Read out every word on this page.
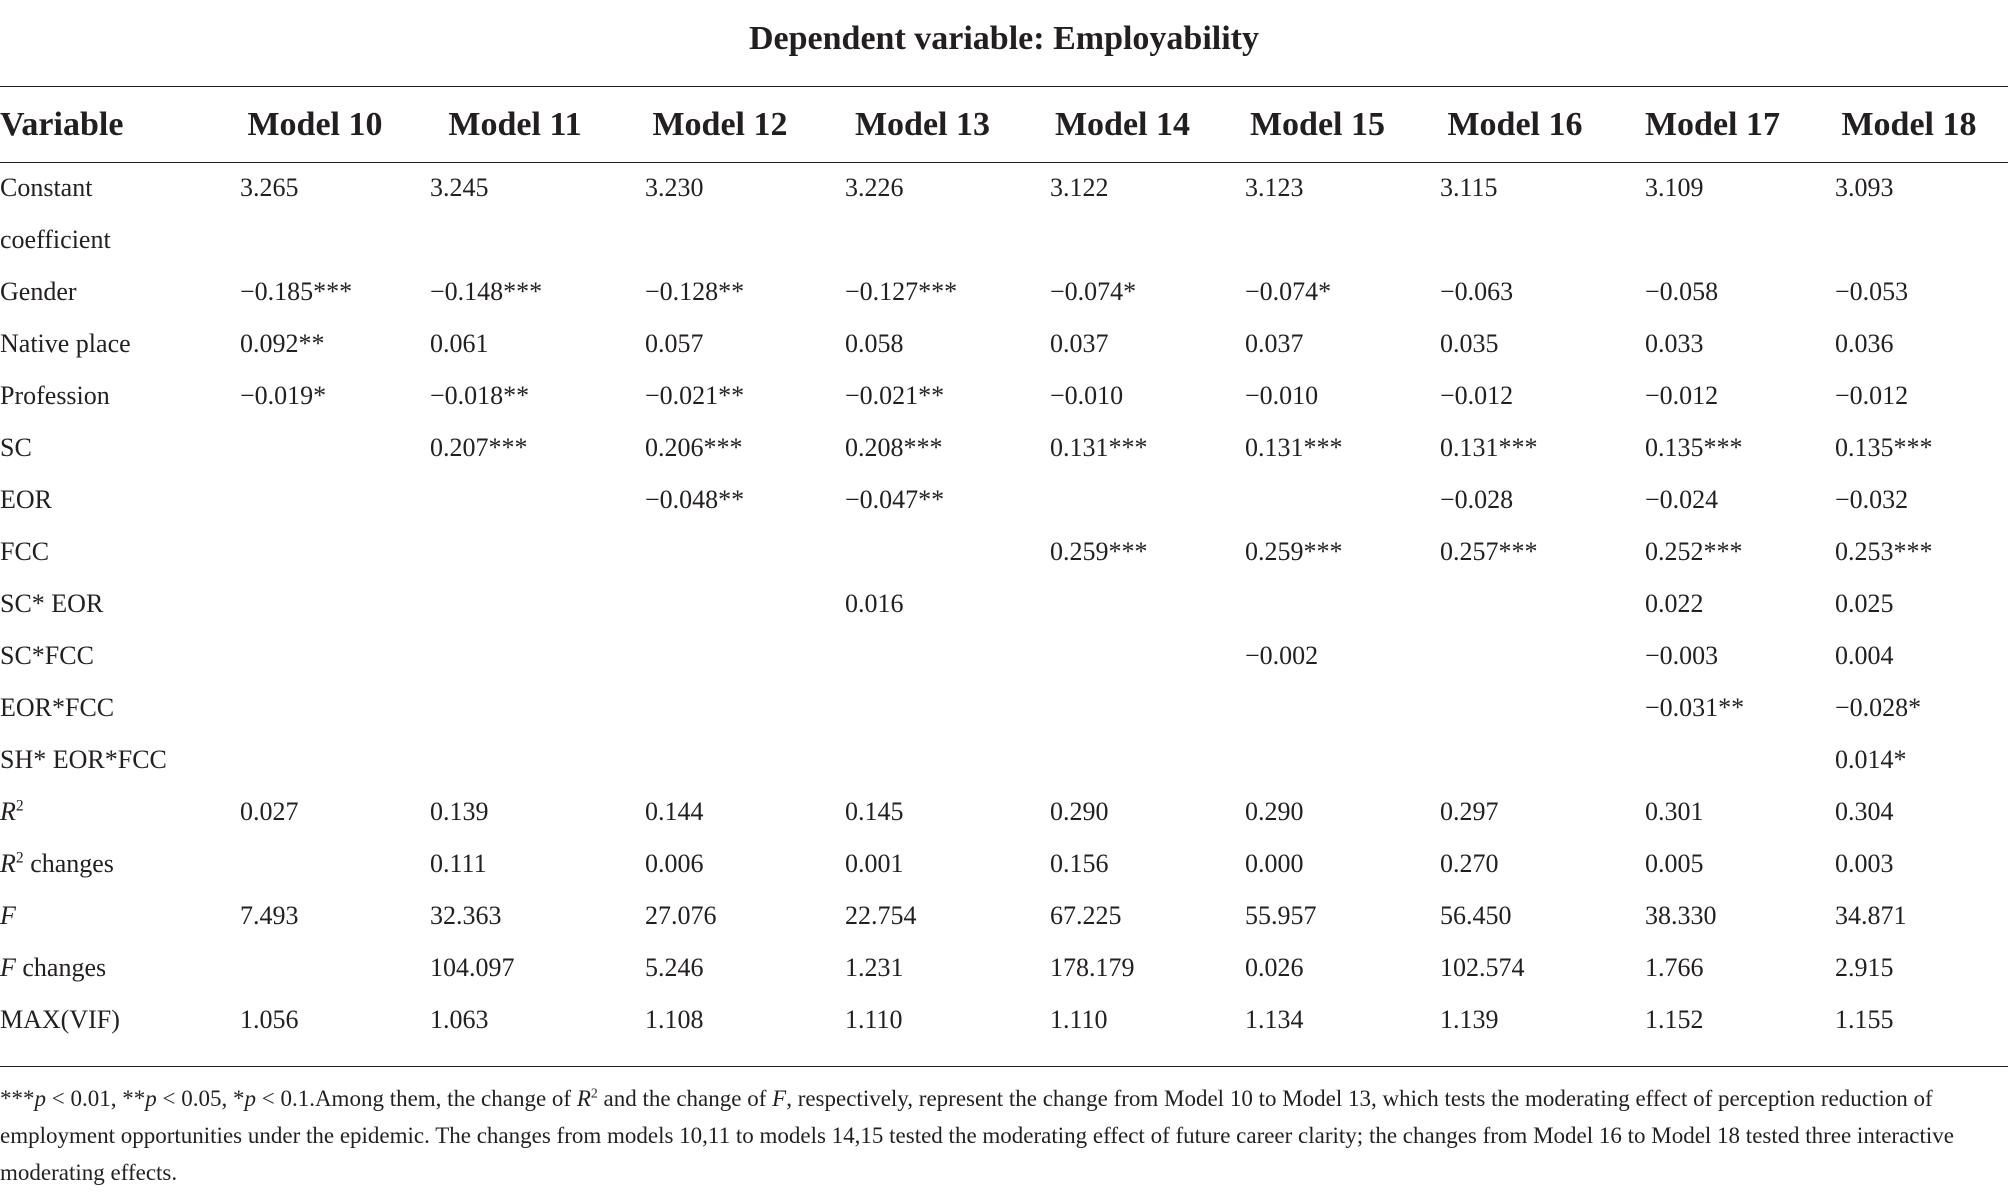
Dependent variable: Employability
Variable	Model 10	Model 11	Model 12	Model 13	Model 14	Model 15	Model 16	Model 17	Model 18
Constant	3.265	3.245	3.230	3.226	3.122	3.123	3.115	3.109	3.093
coefficient									
Gender	−0.185***	−0.148***	−0.128**	−0.127***	−0.074*	−0.074*	−0.063	−0.058	−0.053
Native place	0.092**	0.061	0.057	0.058	0.037	0.037	0.035	0.033	0.036
Profession	−0.019*	−0.018**	−0.021**	−0.021**	−0.010	−0.010	−0.012	−0.012	−0.012
SC		0.207***	0.206***	0.208***	0.131***	0.131***	0.131***	0.135***	0.135***
EOR			−0.048**	−0.047**			−0.028	−0.024	−0.032
FCC					0.259***	0.259***	0.257***	0.252***	0.253***
SC* EOR				0.016				0.022	0.025
SC*FCC						−0.002		−0.003	0.004
EOR*FCC								−0.031**	−0.028*
SH* EOR*FCC									0.014*
$R^2$	0.027	0.139	0.144	0.145	0.290	0.290	0.297	0.301	0.304
$R^2$ changes		0.111	0.006	0.001	0.156	0.000	0.270	0.005	0.003
F	7.493	32.363	27.076	22.754	67.225	55.957	56.450	38.330	34.871
F changes		104.097	5.246	1.231	178.179	0.026	102.574	1.766	2.915
MAX(VIF)	1.056	1.063	1.108	1.110	1.110	1.134	1.139	1.152	1.155
***p < 0.01, **p < 0.05, *p < 0.1.Among them, the change of $R^2$ and the change of F, respectively, represent the change from Model 10 to Model 13, which tests the moderating effect of perception reduction of employment opportunities under the epidemic. The changes from models 10,11 to models 14,15 tested the moderating effect of future career clarity; the changes from Model 16 to Model 18 tested three interactive moderating effects.
